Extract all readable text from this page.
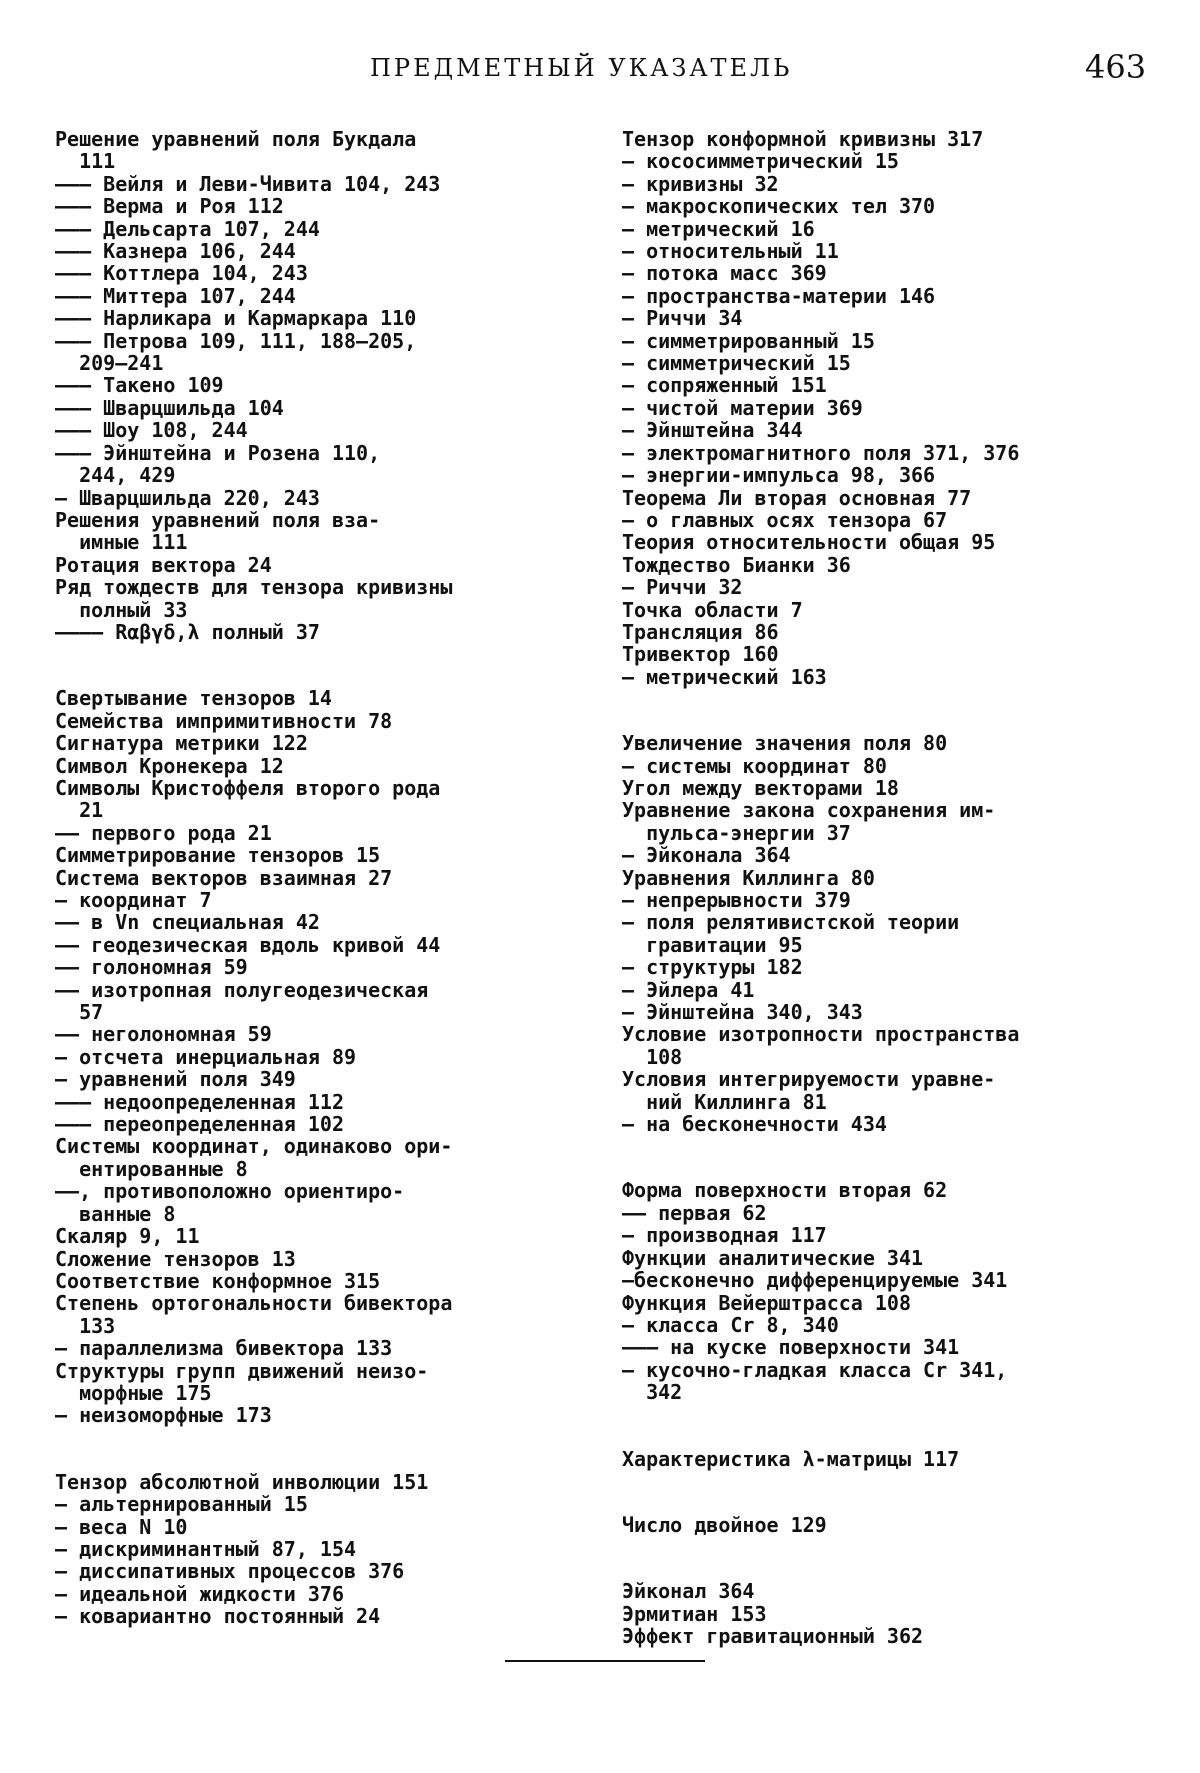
ПРЕДМЕТНЫЙ УКАЗАТЕЛЬ	463
Решение уравнений поля Букдала
111
——— Вейля и Леви-Чивита 104, 243
——— Верма и Роя 112
——— Дельсарта 107, 244
——— Казнера 106, 244
——— Коттлера 104, 243
——— Миттера 107, 244
——— Нарликара и Кармаркара 110
——— Петрова 109, 111, 188—205,
209—241
——— Такено 109
——— Шварцшильда 104
——— Шоу 108, 244
——— Эйнштейна и Розена 110,
244, 429
— Шварцшильда 220, 243
Решения уравнений поля вза-
имные 111
Ротация вектора 24
Ряд тождеств для тензора кривизны
полный 33
———— Rαβγδ,λ полный 37
Свертывание тензоров 14
Семейства импримитивности 78
Сигнатура метрики 122
Символ Кронекера 12
Символы Кристоффеля второго рода
21
—— первого рода 21
Симметрирование тензоров 15
Система векторов взаимная 27
— координат 7
—— в Vn специальная 42
—— геодезическая вдоль кривой 44
—— голономная 59
—— изотропная полугеодезическая
57
—— неголономная 59
— отсчета инерциальная 89
— уравнений поля 349
——— недоопределенная 112
——— переопределенная 102
Системы координат, одинаково ори-
ентированные 8
——, противоположно ориентиро-
ванные 8
Скаляр 9, 11
Сложение тензоров 13
Соответствие конформное 315
Степень ортогональности бивектора
133
— параллелизма бивектора 133
Структуры групп движений неизо-
морфные 175
— неизоморфные 173
Тензор абсолютной инволюции 151
— альтернированный 15
— веса N 10
— дискриминантный 87, 154
— диссипативных процессов 376
— идеальной жидкости 376
— ковариантно постоянный 24
Тензор конформной кривизны 317
— кососимметрический 15
— кривизны 32
— макроскопических тел 370
— метрический 16
— относительный 11
— потока масс 369
— пространства-материи 146
— Риччи 34
— симметрированный 15
— симметрический 15
— сопряженный 151
— чистой материи 369
— Эйнштейна 344
— электромагнитного поля 371, 376
— энергии-импульса 98, 366
Теорема Ли вторая основная 77
— о главных осях тензора 67
Теория относительности общая 95
Тождество Бианки 36
— Риччи 32
Точка области 7
Трансляция 86
Тривектор 160
— метрический 163
Увеличение значения поля 80
— системы координат 80
Угол между векторами 18
Уравнение закона сохранения им-
пульса-энергии 37
— Эйконала 364
Уравнения Киллинга 80
— непрерывности 379
— поля релятивистской теории
гравитации 95
— структуры 182
— Эйлера 41
— Эйнштейна 340, 343
Условие изотропности пространства
108
Условия интегрируемости уравне-
ний Киллинга 81
— на бесконечности 434
Форма поверхности вторая 62
—— первая 62
— производная 117
Функции аналитические 341
—бесконечно дифференцируемые 341
Функция Вейерштрасса 108
— класса Cr 8, 340
——— на куске поверхности 341
— кусочно-гладкая класса Cr 341,
342
Характеристика λ-матрицы 117
Число двойное 129
Эйконал 364
Эрмитиан 153
Эффект гравитационный 362
